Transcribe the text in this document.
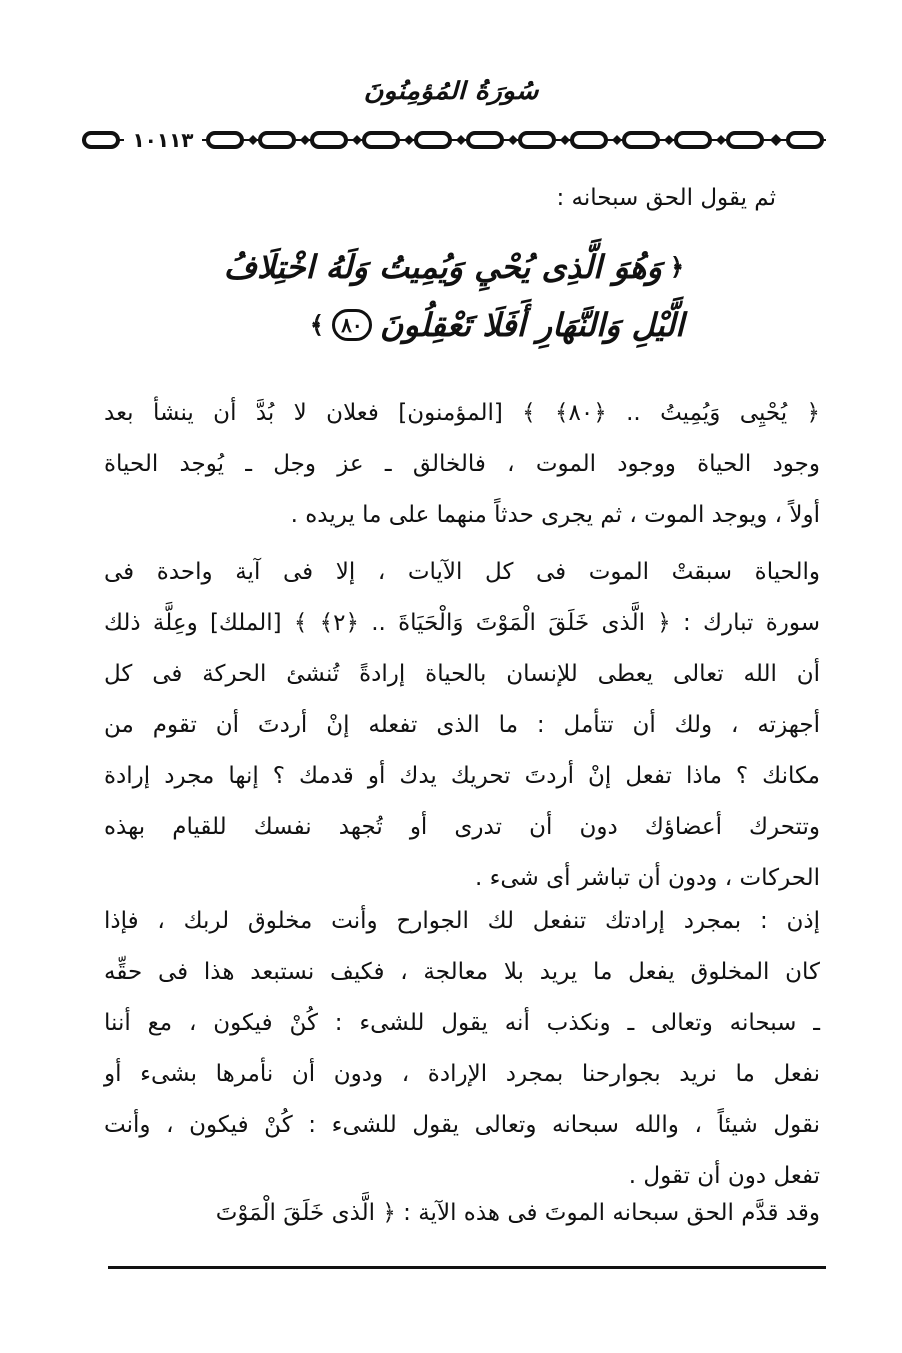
سُورَةُ المُؤمِنُونَ
١٠١١٣
ثم يقول الحق سبحانه :
﴿
وَهُوَ الَّذِى يُحْيِ وَيُمِيتُ وَلَهُ اخْتِلَافُ
الَّيْلِ وَالنَّهَارِ أَفَلَا تَعْقِلُونَ
٨٠
﴾
﴿ يُحْيِى وَيُمِيتُ .. ﴿٨٠﴾ ﴾ [المؤمنون] فعلان لا بُدَّ أن ينشأ بعد
وجود الحياة ووجود الموت ، فالخالق ـ عز وجل ـ يُوجد الحياة
أولاً ، ويوجد الموت ، ثم يجرى حدثاً منهما على ما يريده .
والحياة سبقتْ الموت فى كل الآيات ، إلا فى آية واحدة فى
سورة تبارك : ﴿ الَّذى خَلَقَ الْمَوْتَ وَالْحَيَاةَ .. ﴿٢﴾ ﴾ [الملك] وعِلَّة ذلك
أن الله تعالى يعطى للإنسان بالحياة إرادةً تُنشئ الحركة فى كل
أجهزته ، ولك أن تتأمل : ما الذى تفعله إنْ أردتَ أن تقوم من
مكانك ؟ ماذا تفعل إنْ أردتَ تحريك يدك أو قدمك ؟ إنها مجرد إرادة
وتتحرك أعضاؤك دون أن تدرى أو تُجهد نفسك للقيام بهذه
الحركات ، ودون أن تباشر أى شىء .
إذن : بمجرد إرادتك تنفعل لك الجوارح وأنت مخلوق لربك ، فإذا
كان المخلوق يفعل ما يريد بلا معالجة ، فكيف نستبعد هذا فى حقِّه
ـ سبحانه وتعالى ـ ونكذب أنه يقول للشىء : كُنْ فيكون ، مع أننا
نفعل ما نريد بجوارحنا بمجرد الإرادة ، ودون أن نأمرها بشىء أو
نقول شيئاً ، والله سبحانه وتعالى يقول للشىء : كُنْ فيكون ، وأنت
تفعل دون أن تقول .
وقد قدَّم الحق سبحانه الموتَ فى هذه الآية : ﴿ الَّذى خَلَقَ الْمَوْتَ
